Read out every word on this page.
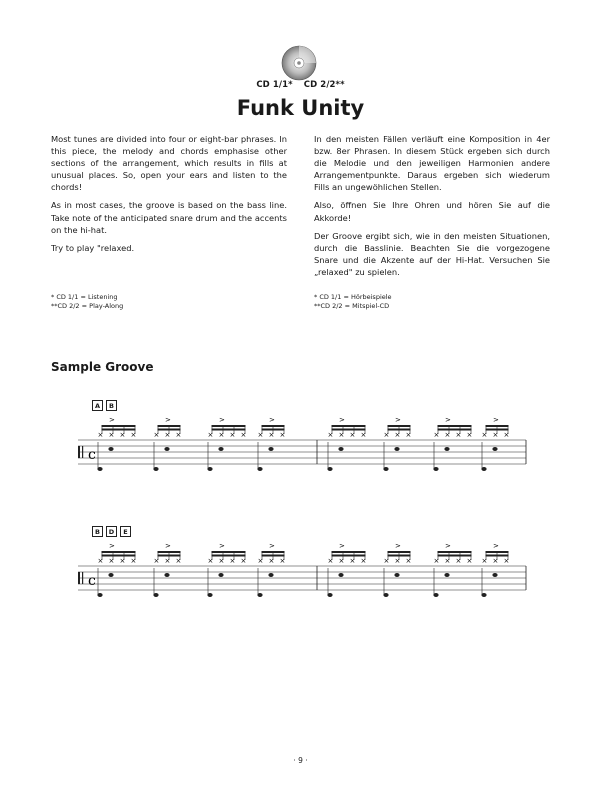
CD 1/1* CD 2/2**
Funk Unity

Most tunes are divided into four or eight-bar phrases. In this piece, the melody and chords emphasise other sections of the arrangement, which results in fills at unusual places. So, open your ears and listen to the chords!

As in most cases, the groove is based on the bass line. Take note of the anticipated snare drum and the accents on the hi-hat.

Try to play "relaxed.

In den meisten Fällen verläuft eine Komposition in 4er bzw. 8er Phrasen. In diesem Stück ergeben sich durch die Melodie und den jeweiligen Harmonien andere Arrangementpunkte. Daraus ergeben sich wiederum Fills an ungewöhlichen Stellen.

Also, öffnen Sie Ihre Ohren und hören Sie auf die Akkorde!

Der Groove ergibt sich, wie in den meisten Situationen, durch die Basslinie. Beachten Sie die vorgezogene Snare und die Akzente auf der Hi-Hat. Versuchen Sie „relaxed" zu spielen.

* CD 1/1 = Listening
**CD 2/2 = Play-Along
* CD 1/1 = Hörbeispiele
**CD 2/2 = Mitspiel-CD
Sample Groove
A	B
c
× × × ×
>
× × ×
>
× × × ×
>
× × ×
>
× × × ×
>
× × ×
>
× × × ×
>
× × ×
>
B	D	E
c
× × × ×
>
× × ×
>
× × × ×
>
× × ×
>
× × × ×
>
× × ×
>
× × × ×
>
× × ×
>
· 9 ·
